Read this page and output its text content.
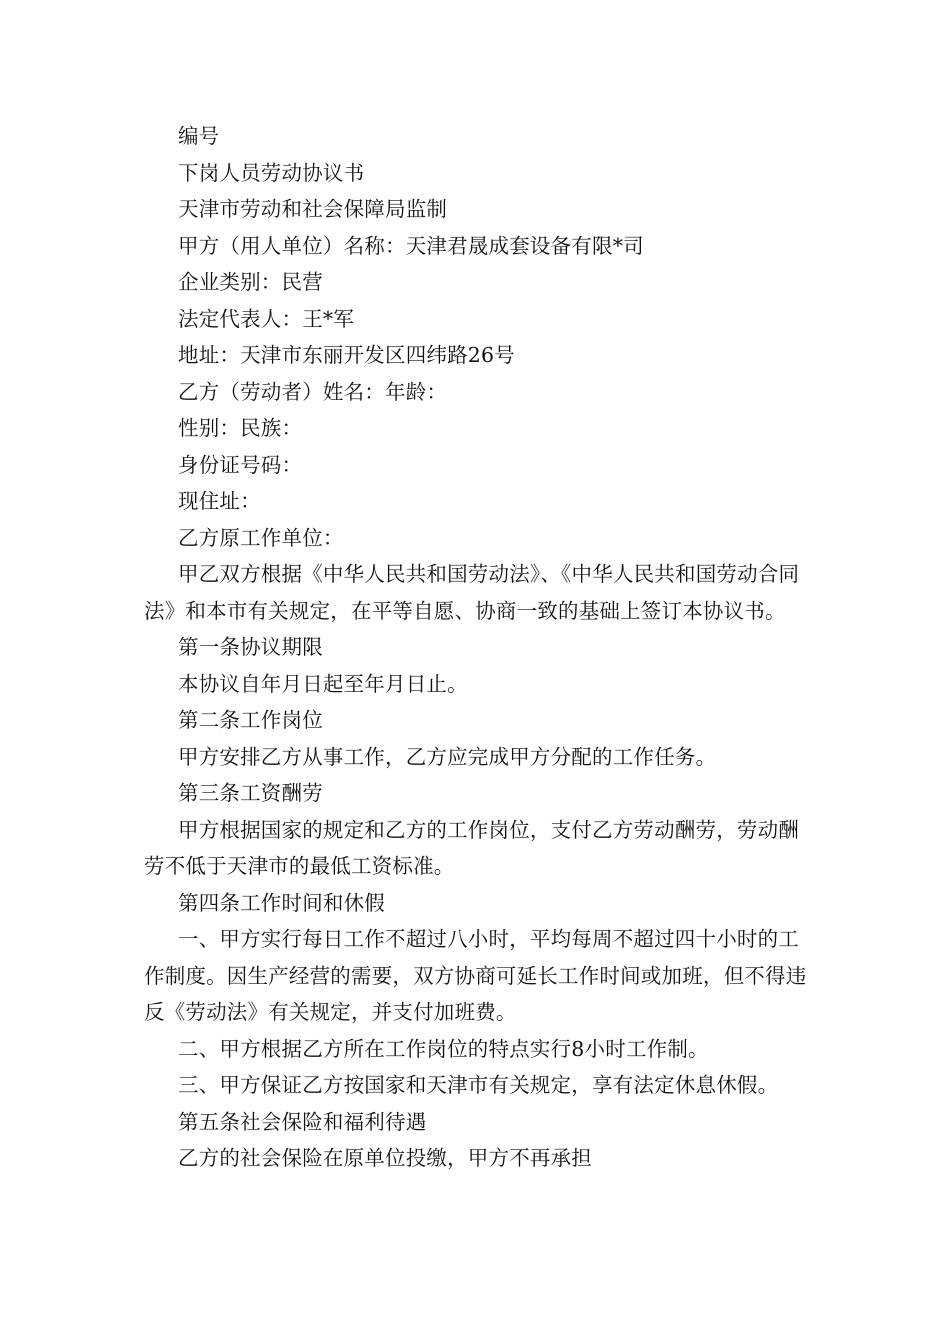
编号

下岗人员劳动协议书

天津市劳动和社会保障局监制

甲方（用人单位）名称：天津君晟成套设备有限*司

企业类别：民营

法定代表人：王*军

地址：天津市东丽开发区四纬路26号

乙方（劳动者）姓名：年龄：

性别：民族：

身份证号码：

现住址：

乙方原工作单位：

甲乙双方根据《中华人民共和国劳动法》、《中华人民共和国劳动合同法》和本市有关规定，在平等自愿、协商一致的基础上签订本协议书。

第一条协议期限

本协议自年月日起至年月日止。

第二条工作岗位

甲方安排乙方从事工作，乙方应完成甲方分配的工作任务。

第三条工资酬劳

甲方根据国家的规定和乙方的工作岗位，支付乙方劳动酬劳，劳动酬劳不低于天津市的最低工资标准。

第四条工作时间和休假

一、甲方实行每日工作不超过八小时，平均每周不超过四十小时的工作制度。因生产经营的需要，双方协商可延长工作时间或加班，但不得违反《劳动法》有关规定，并支付加班费。

二、甲方根据乙方所在工作岗位的特点实行8小时工作制。

三、甲方保证乙方按国家和天津市有关规定，享有法定休息休假。

第五条社会保险和福利待遇

乙方的社会保险在原单位投缴，甲方不再承担
